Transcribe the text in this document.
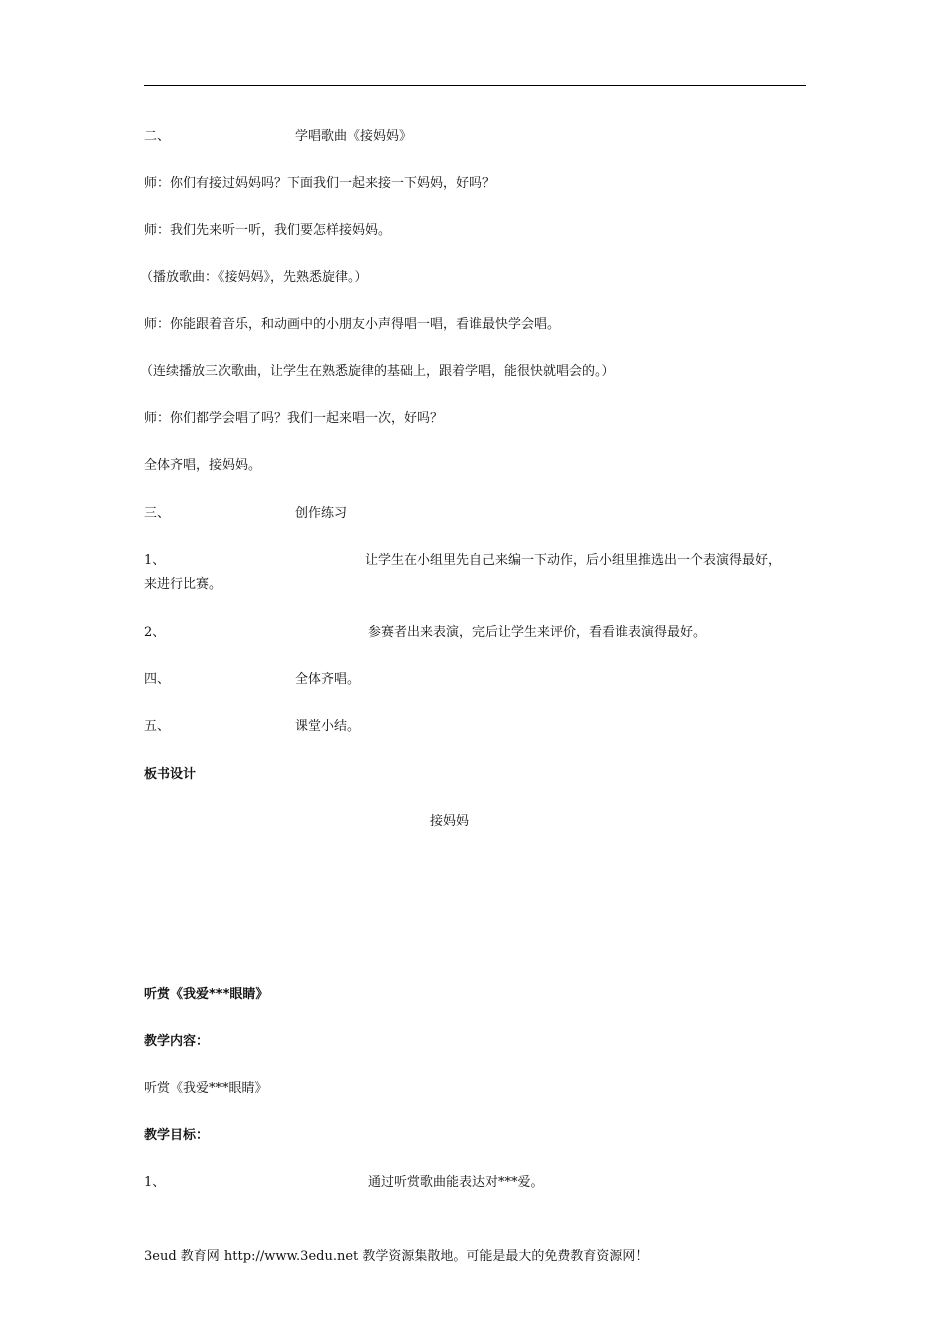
二、	学唱歌曲《接妈妈》
师：你们有接过妈妈吗？下面我们一起来接一下妈妈，好吗？
师：我们先来听一听，我们要怎样接妈妈。
（播放歌曲：《接妈妈》，先熟悉旋律。）
师：你能跟着音乐，和动画中的小朋友小声得唱一唱，看谁最快学会唱。
（连续播放三次歌曲，让学生在熟悉旋律的基础上，跟着学唱，能很快就唱会的。）
师：你们都学会唱了吗？我们一起来唱一次，好吗？
全体齐唱，接妈妈。
三、	创作练习
1、	让学生在小组里先自己来编一下动作，后小组里推选出一个表演得最好，
来进行比赛。
2、	参赛者出来表演，完后让学生来评价，看看谁表演得最好。
四、	全体齐唱。
五、	课堂小结。
板书设计
接妈妈
听赏《我爱***眼睛》
教学内容：
听赏《我爱***眼睛》
教学目标：
1、	通过听赏歌曲能表达对***爱。
3eud 教育网 http://www.3edu.net 教学资源集散地。可能是最大的免费教育资源网！
